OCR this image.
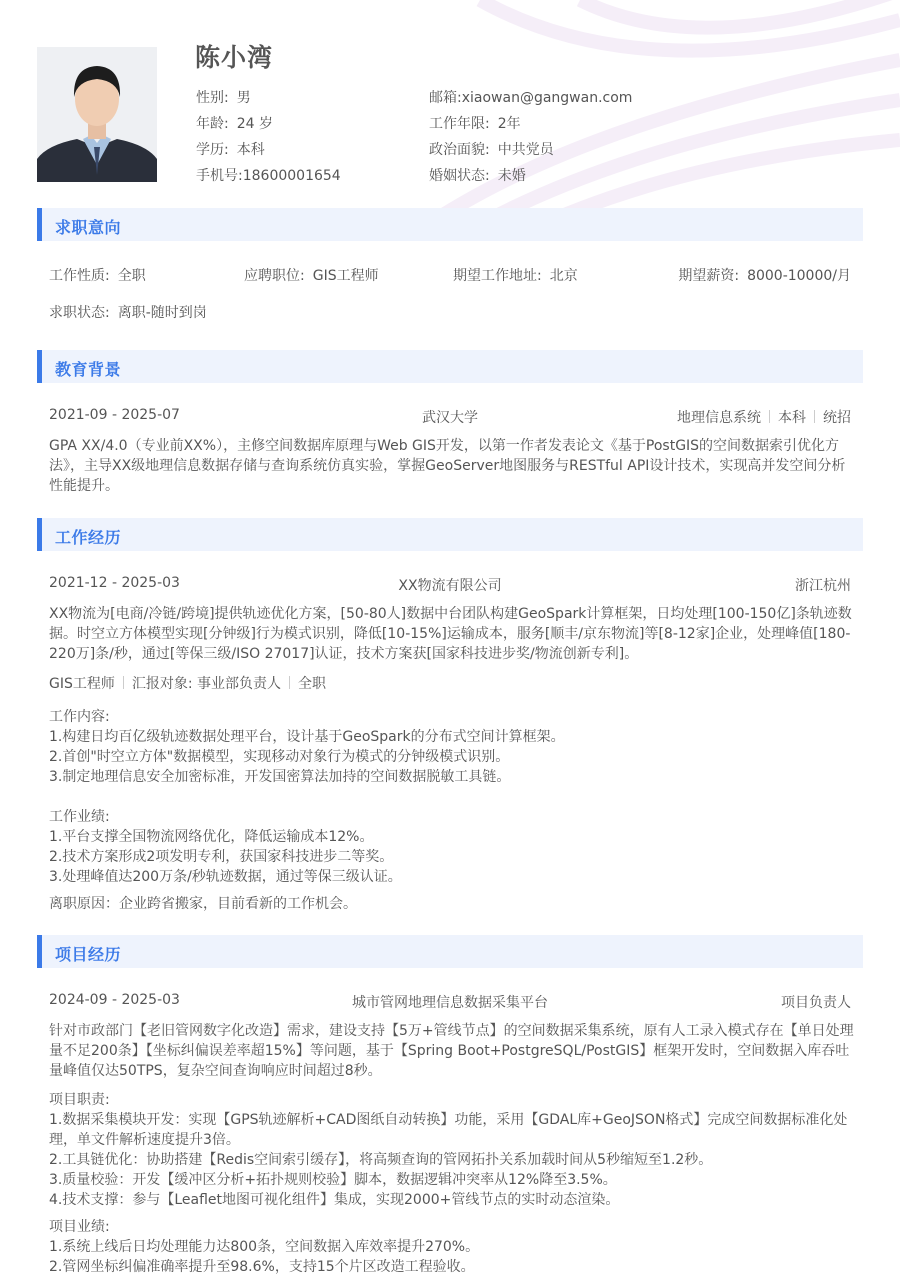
陈小湾
性别: 男
年龄: 24 岁
学历: 本科
手机号:18600001654
邮箱:xiaowan@gangwan.com
工作年限: 2年
政治面貌: 中共党员
婚姻状态: 未婚
求职意向
工作性质: 全职	应聘职位: GIS工程师	期望工作地址: 北京	期望薪资: 8000-10000/月
求职状态: 离职-随时到岗
教育背景
2021-09 - 2025-07	武汉大学	地理信息系统 本科 统招

GPA XX/4.0（专业前XX%），主修空间数据库原理与Web GIS开发，以第一作者发表论文《基于PostGIS的空间数据索引优化方法》，主导XX级地理信息数据存储与查询系统仿真实验，掌握GeoServer地图服务与RESTful API设计技术，实现高并发空间分析性能提升。

工作经历
2021-12 - 2025-03	XX物流有限公司	浙江杭州

XX物流为[电商/冷链/跨境]提供轨迹优化方案，[50-80人]数据中台团队构建GeoSpark计算框架，日均处理[100-150亿]条轨迹数据。时空立方体模型实现[分钟级]行为模式识别，降低[10-15%]运输成本，服务[顺丰/京东物流]等[8-12家]企业，处理峰值[180-220万]条/秒，通过[等保三级/ISO 27017]认证，技术方案获[国家科技进步奖/物流创新专利]。

GIS工程师 汇报对象: 事业部负责人 全职
工作内容:
1.构建日均百亿级轨迹数据处理平台，设计基于GeoSpark的分布式空间计算框架。
2.首创"时空立方体"数据模型，实现移动对象行为模式的分钟级模式识别。
3.制定地理信息安全加密标准，开发国密算法加持的空间数据脱敏工具链。
工作业绩:
1.平台支撑全国物流网络优化，降低运输成本12%。
2.技术方案形成2项发明专利，获国家科技进步二等奖。
3.处理峰值达200万条/秒轨迹数据，通过等保三级认证。
离职原因：企业跨省搬家，目前看新的工作机会。
项目经历
2024-09 - 2025-03	城市管网地理信息数据采集平台	项目负责人

针对市政部门【老旧管网数字化改造】需求，建设支持【5万+管线节点】的空间数据采集系统，原有人工录入模式存在【单日处理量不足200条】【坐标纠偏误差率超15%】等问题，基于【Spring Boot+PostgreSQL/PostGIS】框架开发时，空间数据入库吞吐量峰值仅达50TPS，复杂空间查询响应时间超过8秒。

项目职责:
1.数据采集模块开发：实现【GPS轨迹解析+CAD图纸自动转换】功能，采用【GDAL库+GeoJSON格式】完成空间数据标准化处理，单文件解析速度提升3倍。
2.工具链优化：协助搭建【Redis空间索引缓存】，将高频查询的管网拓扑关系加载时间从5秒缩短至1.2秒。
3.质量校验：开发【缓冲区分析+拓扑规则校验】脚本，数据逻辑冲突率从12%降至3.5%。
4.技术支撑：参与【Leaflet地图可视化组件】集成，实现2000+管线节点的实时动态渲染。
项目业绩:
1.系统上线后日均处理能力达800条，空间数据入库效率提升270%。
2.管网坐标纠偏准确率提升至98.6%，支持15个片区改造工程验收。
